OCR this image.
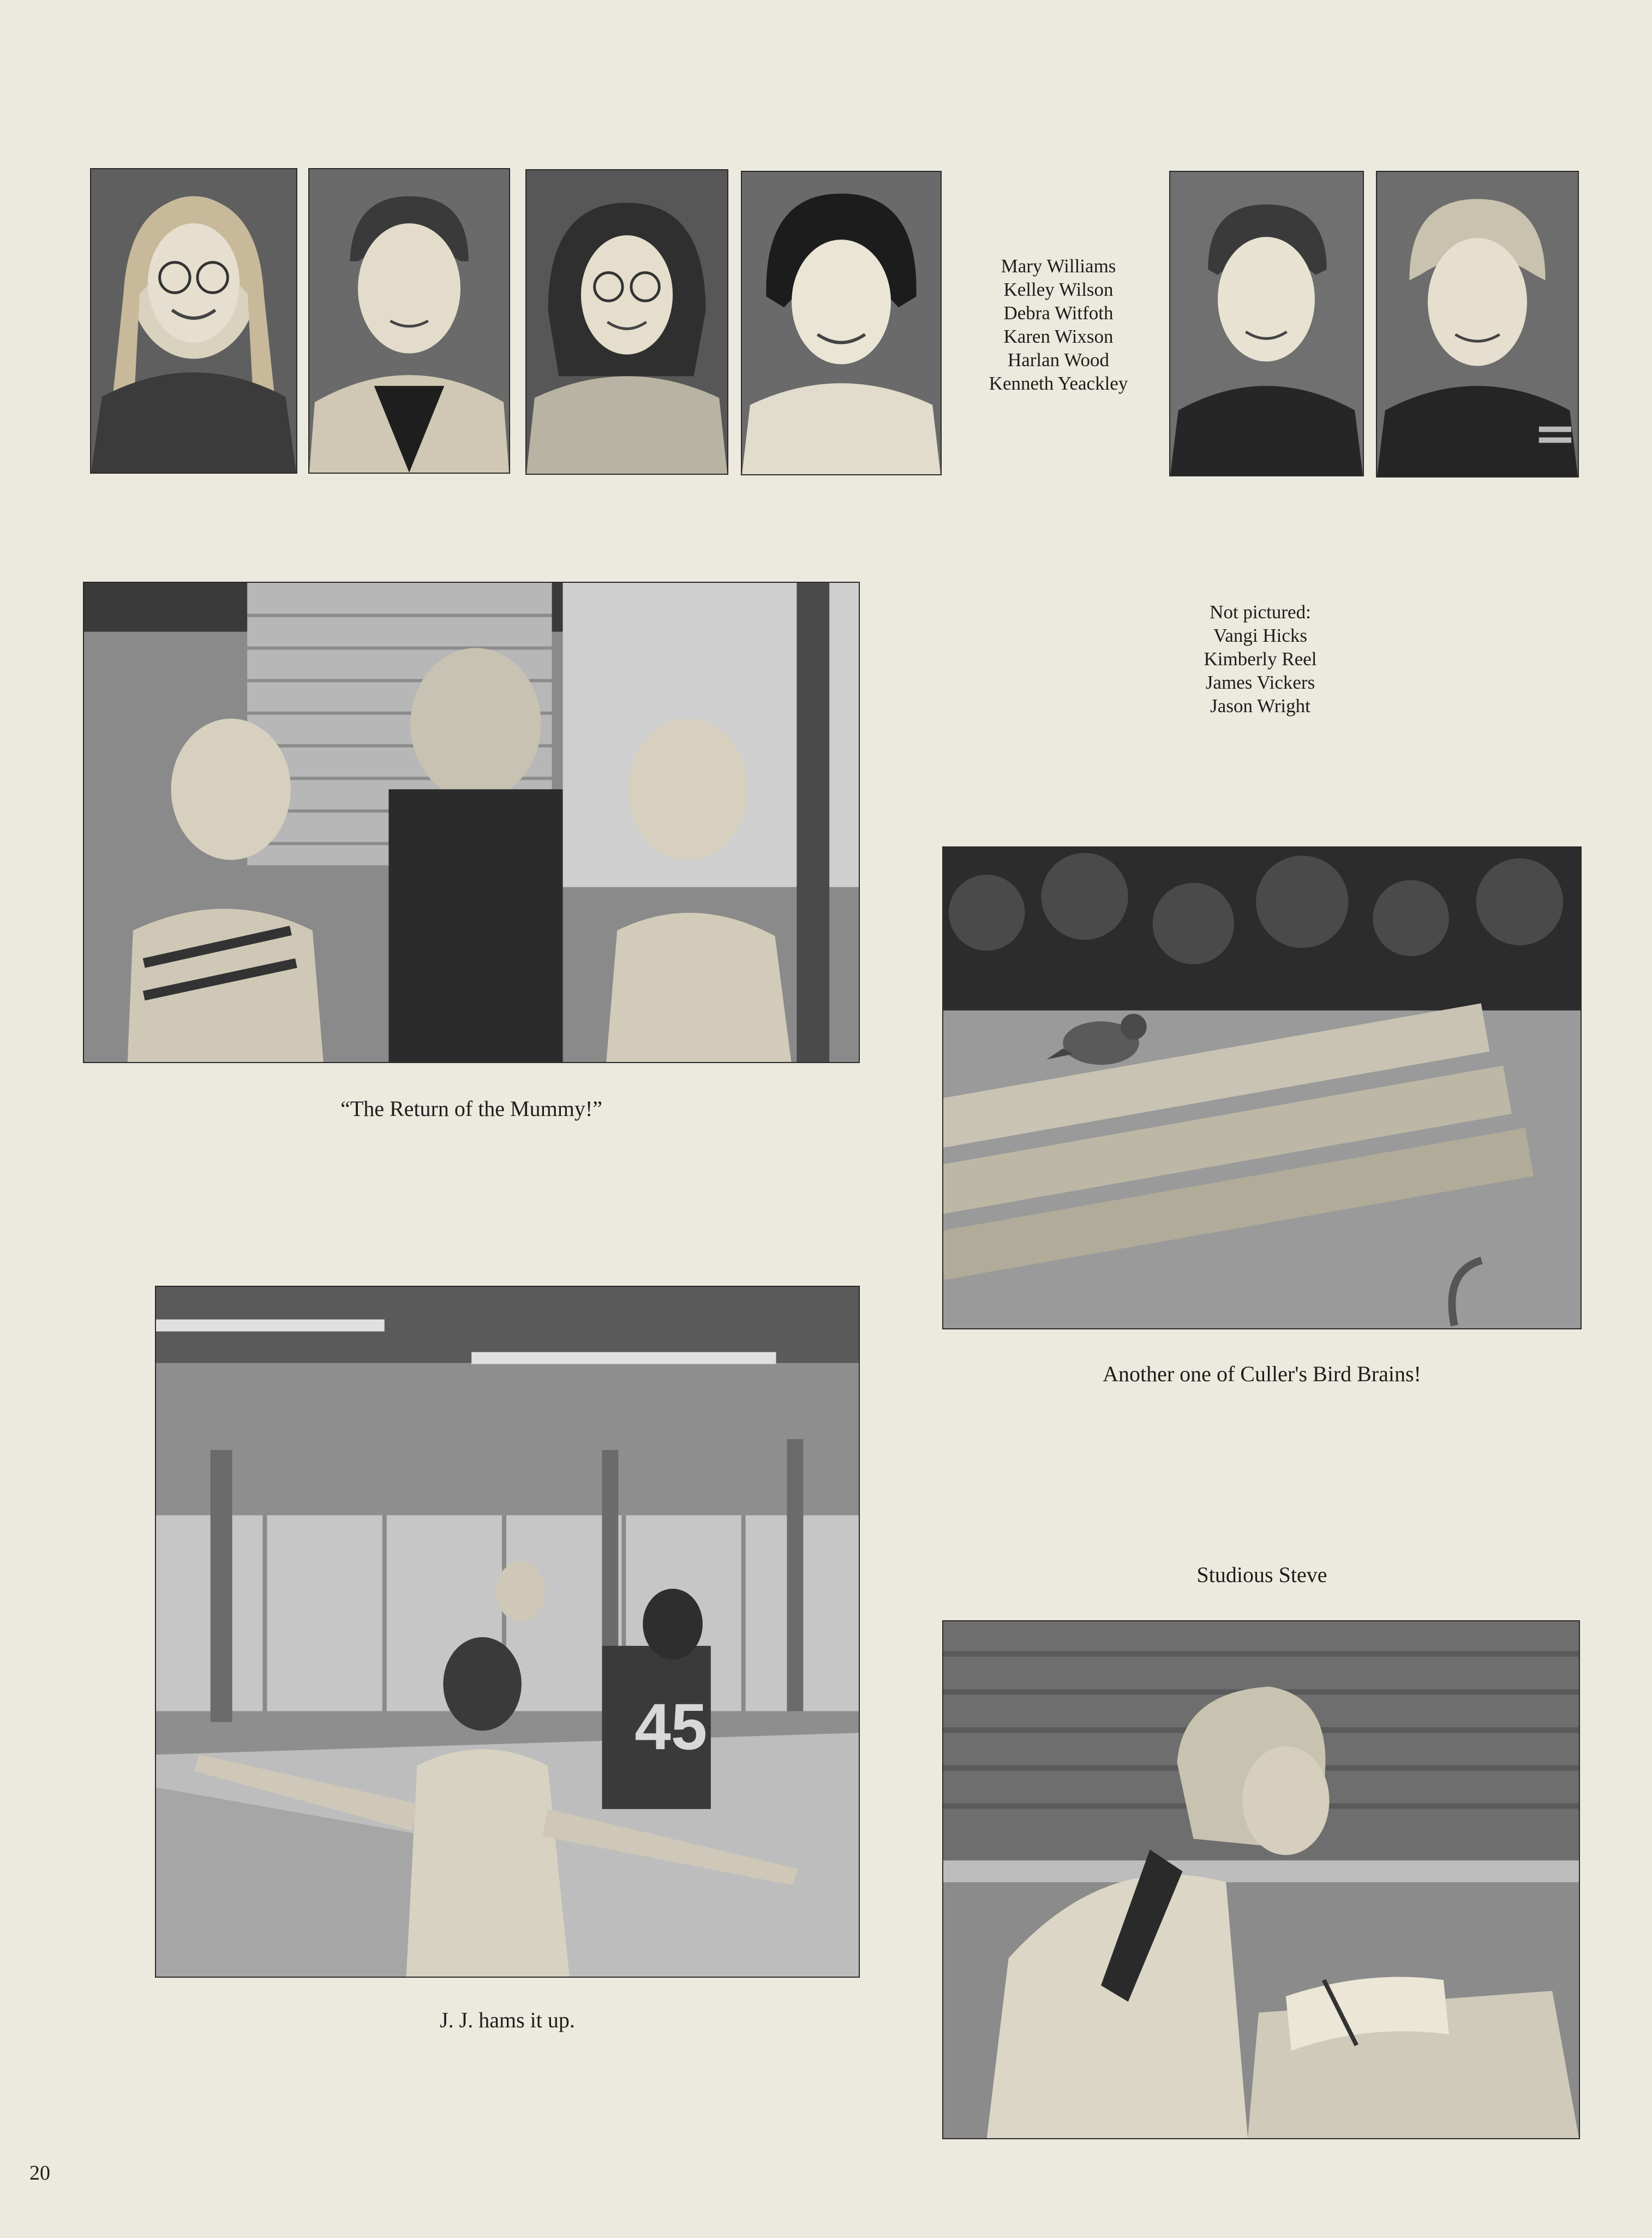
Mary Williams
Kelley Wilson
Debra Witfoth
Karen Wixson
Harlan Wood
Kenneth Yeackley
Not pictured:
Vangi Hicks
Kimberly Reel
James Vickers
Jason Wright
“The Return of the Mummy!”
Another one of Culler's Bird Brains!
Studious Steve
45
J. J. hams it up.
20
